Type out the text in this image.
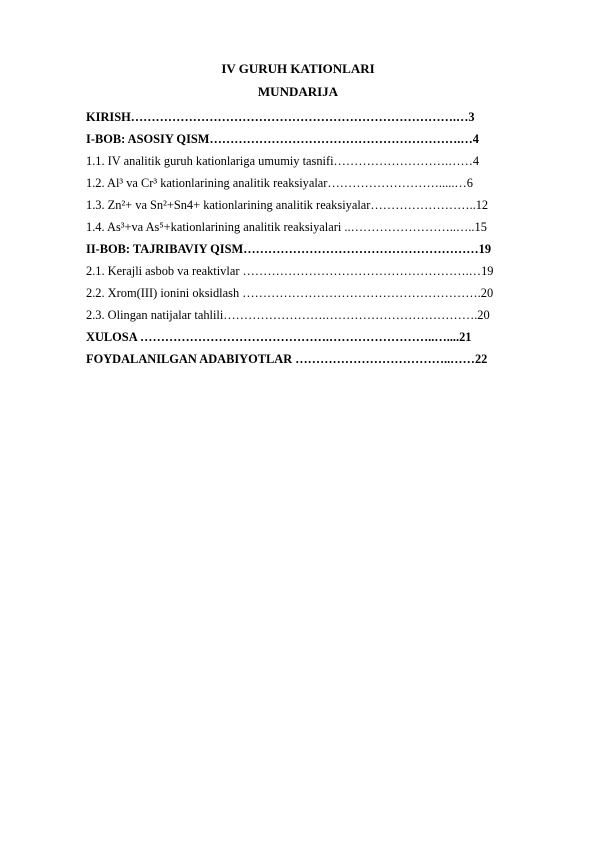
IV GURUH KATIONLARI
MUNDARIJA
KIRISH…………………………………………………………………….…3
I-BOB: ASOSIY QISM…………………………………………………….…4
1.1. IV analitik guruh kationlariga umumiy tasnifi……………………….……4
1.2. Al³ va Cr³ kationlarining analitik reaksiyalar……………………….....…6
1.3. Zn²+ va Sn²+Sn4+ kationlarining analitik reaksiyalar……………………..12
1.4. As³+va As⁵+kationlarining analitik reaksiyalari ..……………………..…..15
II-BOB: TAJRIBAVIY QISM…………………………………………………19
2.1. Kerajli asbob va reaktivlar ……………………………………………….…19
2.2. Xrom(III) ionini oksidlash ………………………………………………….20
2.3. Olingan natijalar tahlili…………………….……………………………….20
XULOSA ……………………………………….……………………..…....21
FOYDALANILGAN ADABIYOTLAR ………………………………..……22
